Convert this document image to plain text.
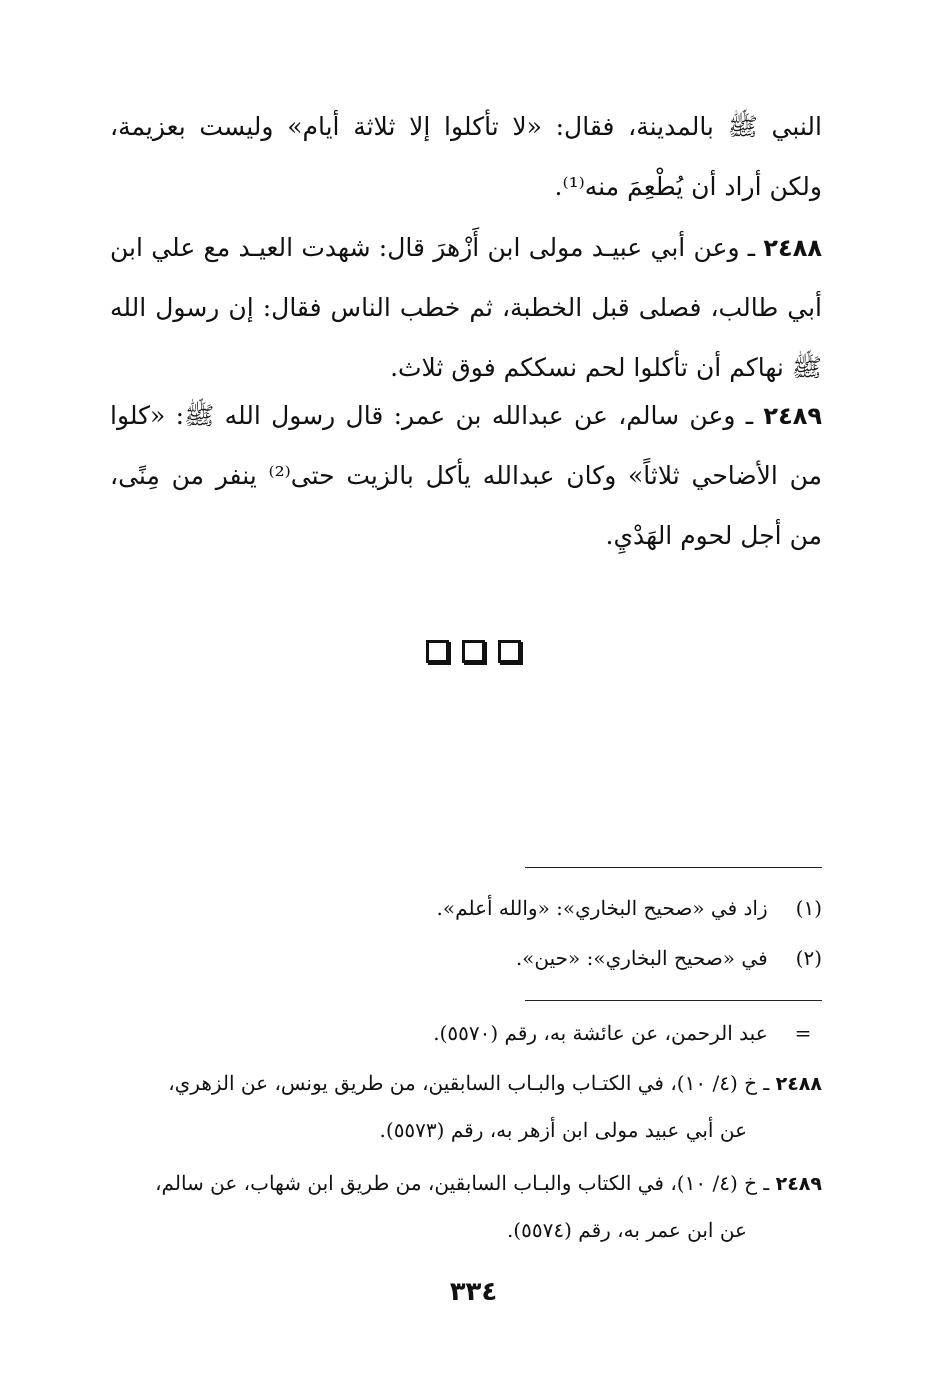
النبي ﷺ بالمدينة، فقال: «لا تأكلوا إلا ثلاثة أيام» وليست بعزيمة، ولكن أراد أن يُطْعِمَ منه⁽¹⁾.
٢٤٨٨ ـ وعن أبي عبيـد مولى ابن أَزْهرَ قال: شهدت العيـد مع علي ابن أبي طالب، فصلى قبل الخطبة، ثم خطب الناس فقال: إن رسول الله ﷺ نهاكم أن تأكلوا لحم نسككم فوق ثلاث.
٢٤٨٩ ـ وعن سالم، عن عبدالله بن عمر: قال رسول الله ﷺ: «كلوا من الأضاحي ثلاثاً» وكان عبدالله يأكل بالزيت حتى⁽²⁾ ينفر من مِنًى، من أجل لحوم الهَدْيِ.

(١) زاد في «صحيح البخاري»: «والله أعلم».
(٢) في «صحيح البخاري»: «حين».
= عبد الرحمن، عن عائشة به، رقم (٥٥٧٠).
٢٤٨٨ ـ خ (٤/ ١٠)، في الكتـاب والبـاب السابقين، من طريق يونس، عن الزهري،
عن أبي عبيد مولى ابن أزهر به، رقم (٥٥٧٣).
٢٤٨٩ ـ خ (٤/ ١٠)، في الكتاب والبـاب السابقين، من طريق ابن شهاب، عن سالم،
عن ابن عمر به، رقم (٥٥٧٤).
٣٣٤
